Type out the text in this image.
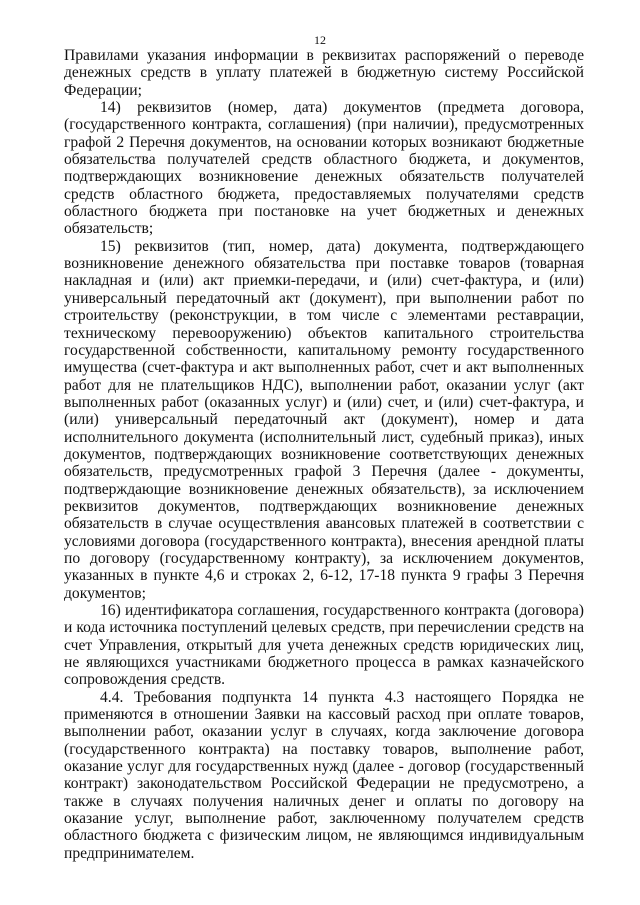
12

Правилами указания информации в реквизитах распоряжений о переводе денежных средств в уплату платежей в бюджетную систему Российской Федерации;

14) реквизитов (номер, дата) документов (предмета договора, (государственного контракта, соглашения) (при наличии), предусмотренных графой 2 Перечня документов, на основании которых возникают бюджетные обязательства получателей средств областного бюджета, и документов, подтверждающих возникновение денежных обязательств получателей средств областного бюджета, предоставляемых получателями средств областного бюджета при постановке на учет бюджетных и денежных обязательств;

15) реквизитов (тип, номер, дата) документа, подтверждающего возникновение денежного обязательства при поставке товаров (товарная накладная и (или) акт приемки-передачи, и (или) счет-фактура, и (или) универсальный передаточный акт (документ), при выполнении работ по строительству (реконструкции, в том числе с элементами реставрации, техническому перевооружению) объектов капитального строительства государственной собственности, капитальному ремонту государственного имущества (счет-фактура и акт выполненных работ, счет и акт выполненных работ для не плательщиков НДС), выполнении работ, оказании услуг (акт выполненных работ (оказанных услуг) и (или) счет, и (или) счет-фактура, и (или) универсальный передаточный акт (документ), номер и дата исполнительного документа (исполнительный лист, судебный приказ), иных документов, подтверждающих возникновение соответствующих денежных обязательств, предусмотренных графой 3 Перечня (далее - документы, подтверждающие возникновение денежных обязательств), за исключением реквизитов документов, подтверждающих возникновение денежных обязательств в случае осуществления авансовых платежей в соответствии с условиями договора (государственного контракта), внесения арендной платы по договору (государственному контракту), за исключением документов, указанных в пункте 4,6 и строках 2, 6-12, 17-18 пункта 9 графы 3 Перечня документов;

16) идентификатора соглашения, государственного контракта (договора) и кода источника поступлений целевых средств, при перечислении средств на счет Управления, открытый для учета денежных средств юридических лиц, не являющихся участниками бюджетного процесса в рамках казначейского сопровождения средств.

4.4. Требования подпункта 14 пункта 4.3 настоящего Порядка не применяются в отношении Заявки на кассовый расход при оплате товаров, выполнении работ, оказании услуг в случаях, когда заключение договора (государственного контракта) на поставку товаров, выполнение работ, оказание услуг для государственных нужд (далее - договор (государственный контракт) законодательством Российской Федерации не предусмотрено, а также в случаях получения наличных денег и оплаты по договору на оказание услуг, выполнение работ, заключенному получателем средств областного бюджета с физическим лицом, не являющимся индивидуальным предпринимателем.
